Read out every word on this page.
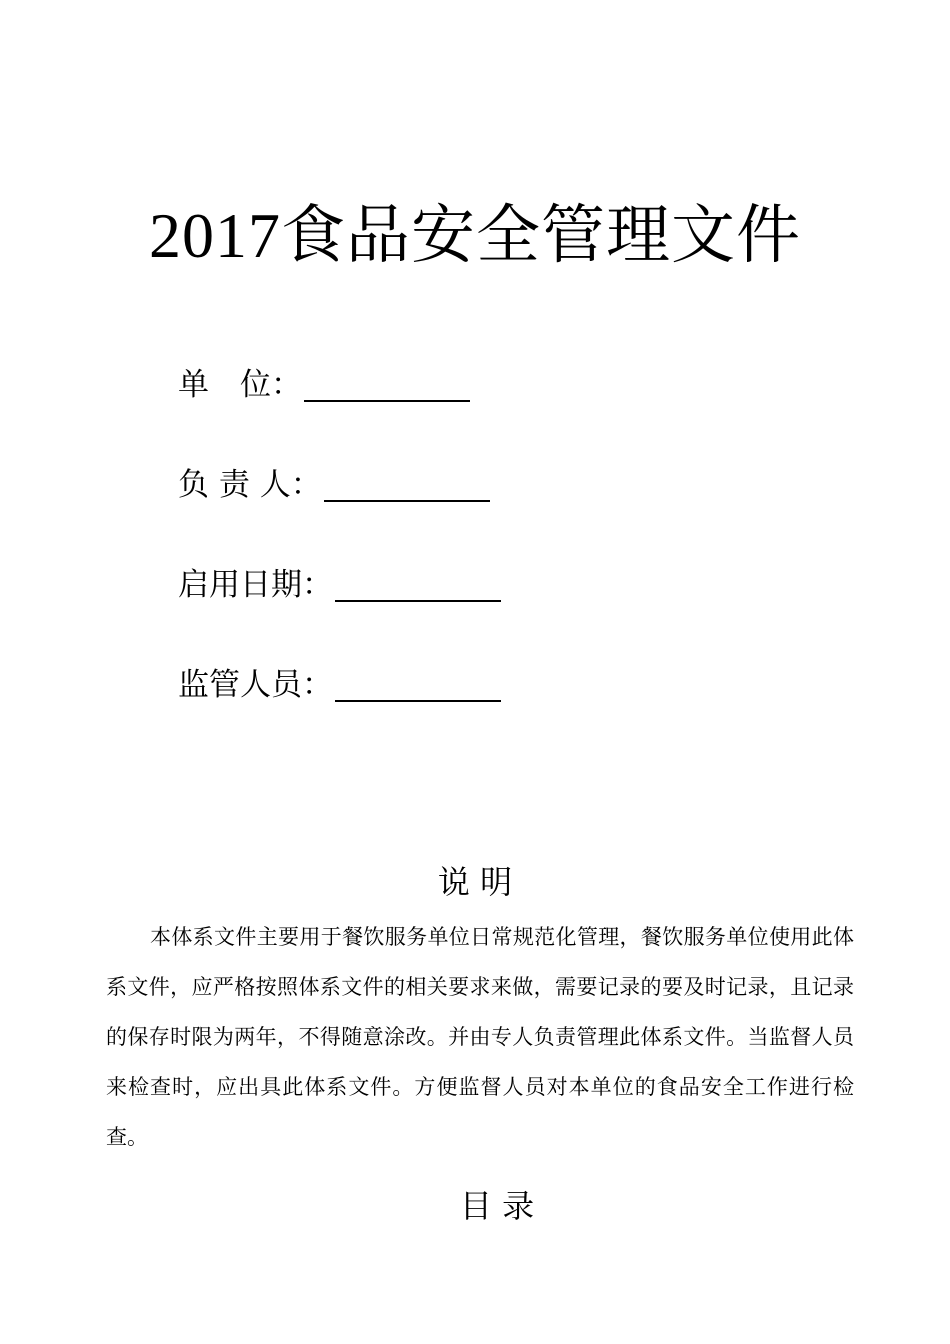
2017食品安全管理文件
单　位：
负 责 人：
启用日期：
监管人员：
说 明
本体系文件主要用于餐饮服务单位日常规范化管理，餐饮服务单位使用此体系文件，应严格按照体系文件的相关要求来做，需要记录的要及时记录，且记录的保存时限为两年，不得随意涂改。并由专人负责管理此体系文件。当监督人员来检查时，应出具此体系文件。方便监督人员对本单位的食品安全工作进行检查。
目 录
